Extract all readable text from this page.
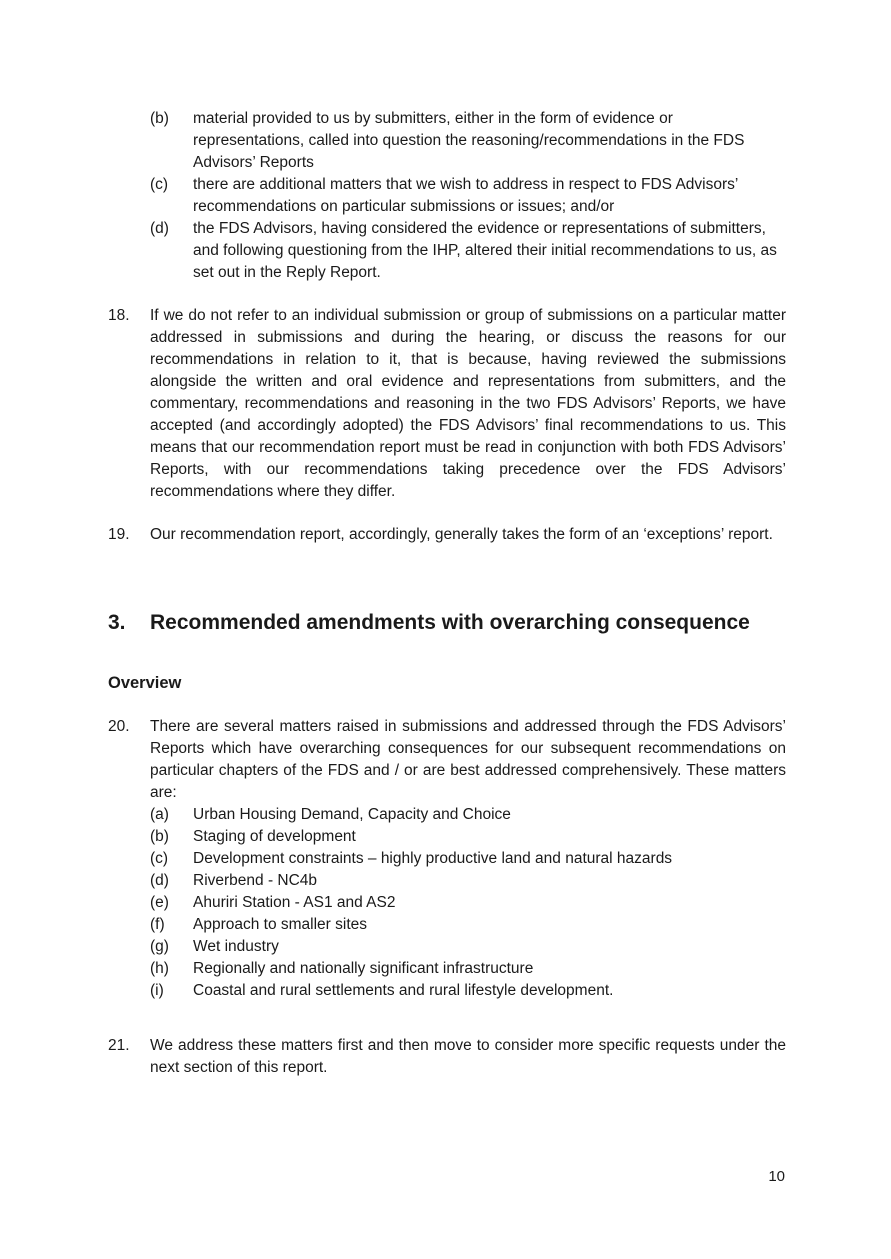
(b) material provided to us by submitters, either in the form of evidence or representations, called into question the reasoning/recommendations in the FDS Advisors’ Reports
(c) there are additional matters that we wish to address in respect to FDS Advisors’ recommendations on particular submissions or issues; and/or
(d) the FDS Advisors, having considered the evidence or representations of submitters, and following questioning from the IHP, altered their initial recommendations to us, as set out in the Reply Report.
18. If we do not refer to an individual submission or group of submissions on a particular matter addressed in submissions and during the hearing, or discuss the reasons for our recommendations in relation to it, that is because, having reviewed the submissions alongside the written and oral evidence and representations from submitters, and the commentary, recommendations and reasoning in the two FDS Advisors’ Reports, we have accepted (and accordingly adopted) the FDS Advisors’ final recommendations to us. This means that our recommendation report must be read in conjunction with both FDS Advisors’ Reports, with our recommendations taking precedence over the FDS Advisors’ recommendations where they differ.
19. Our recommendation report, accordingly, generally takes the form of an ‘exceptions’ report.
3. Recommended amendments with overarching consequence
Overview
20. There are several matters raised in submissions and addressed through the FDS Advisors’ Reports which have overarching consequences for our subsequent recommendations on particular chapters of the FDS and / or are best addressed comprehensively. These matters are:
(a) Urban Housing Demand, Capacity and Choice
(b) Staging of development
(c) Development constraints – highly productive land and natural hazards
(d) Riverbend - NC4b
(e) Ahuriri Station - AS1 and AS2
(f) Approach to smaller sites
(g) Wet industry
(h) Regionally and nationally significant infrastructure
(i) Coastal and rural settlements and rural lifestyle development.
21. We address these matters first and then move to consider more specific requests under the next section of this report.
10
